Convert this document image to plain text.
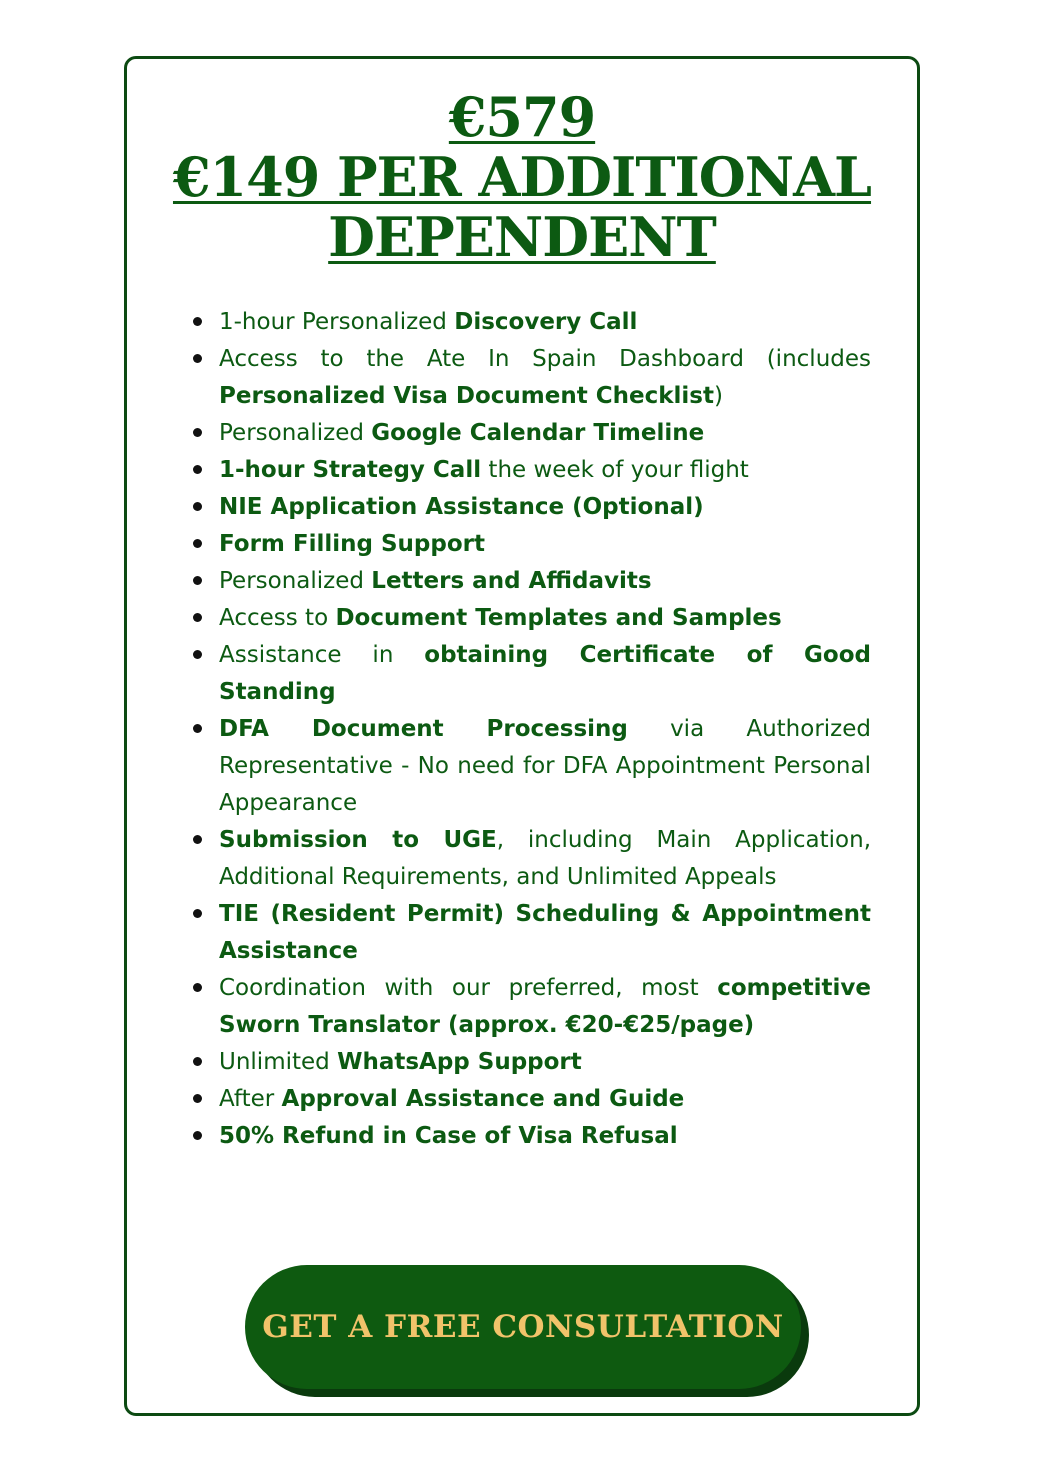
€579
€149 PER ADDITIONAL
DEPENDENT
1-hour Personalized Discovery Call
Access to the Ate In Spain Dashboard (includes Personalized Visa Document Checklist)
Personalized Google Calendar Timeline
1-hour Strategy Call the week of your flight
NIE Application Assistance (Optional)
Form Filling Support
Personalized Letters and Affidavits
Access to Document Templates and Samples
Assistance in obtaining Certificate of Good Standing
DFA Document Processing via Authorized Representative - No need for DFA Appointment Personal Appearance
Submission to UGE, including Main Application, Additional Requirements, and Unlimited Appeals
TIE (Resident Permit) Scheduling & Appointment Assistance
Coordination with our preferred, most competitive Sworn Translator (approx. €20-€25/page)
Unlimited WhatsApp Support
After Approval Assistance and Guide
50% Refund in Case of Visa Refusal
GET A FREE CONSULTATION
